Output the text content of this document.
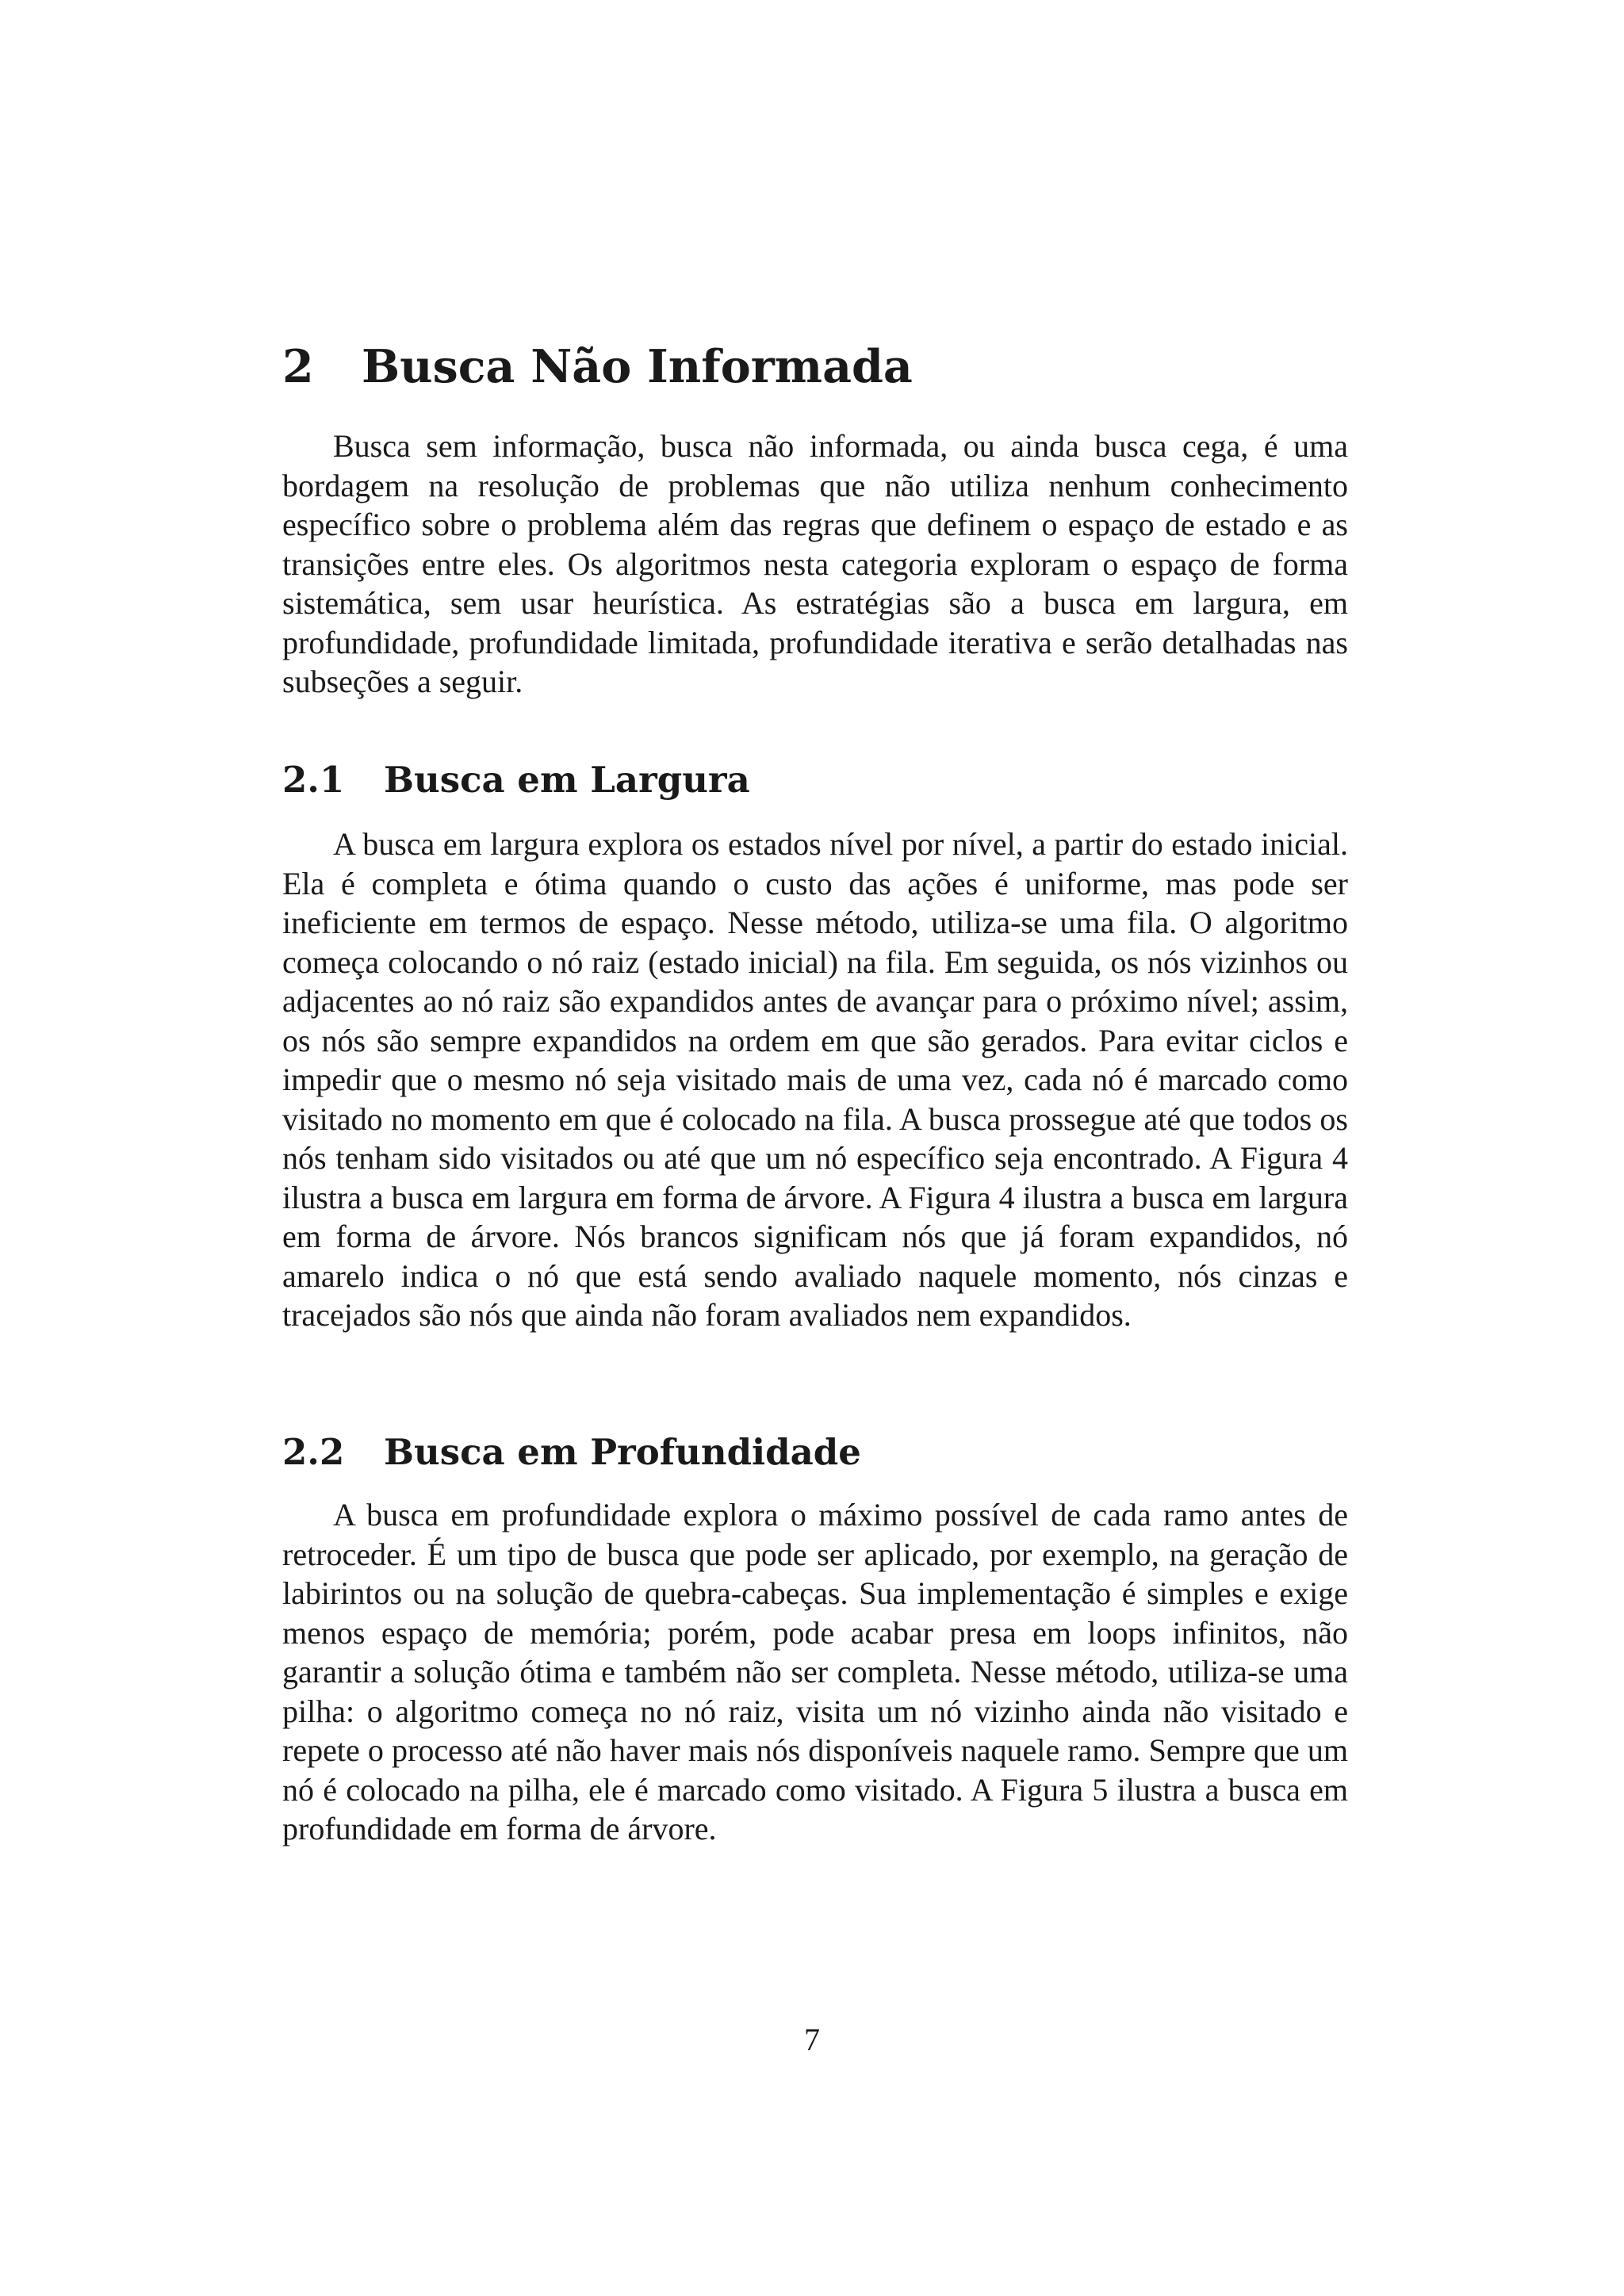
2 Busca Não Informada

Busca sem informação, busca não informada, ou ainda busca cega, é uma bordagem na resolução de problemas que não utiliza nenhum conhecimento específico sobre o problema além das regras que definem o espaço de estado e as transições entre eles. Os algoritmos nesta categoria exploram o espaço de forma sistemática, sem usar heurística. As estratégias são a busca em largura, em profundidade, profundidade limitada, profundidade iterativa e serão detalhadas nas subseções a seguir.

2.1 Busca em Largura

A busca em largura explora os estados nível por nível, a partir do estado inicial. Ela é completa e ótima quando o custo das ações é uniforme, mas pode ser ineficiente em termos de espaço. Nesse método, utiliza-se uma fila. O algoritmo começa colocando o nó raiz (estado inicial) na fila. Em seguida, os nós vizinhos ou adjacentes ao nó raiz são expandidos antes de avançar para o próximo nível; assim, os nós são sempre expandidos na ordem em que são gerados. Para evitar ciclos e impedir que o mesmo nó seja visitado mais de uma vez, cada nó é marcado como visitado no momento em que é colocado na fila. A busca prossegue até que todos os nós tenham sido visitados ou até que um nó específico seja encontrado. A Figura 4 ilustra a busca em largura em forma de árvore. A Figura 4 ilustra a busca em largura em forma de árvore. Nós brancos significam nós que já foram expandidos, nó amarelo indica o nó que está sendo avaliado naquele momento, nós cinzas e tracejados são nós que ainda não foram avaliados nem expandidos.

2.2 Busca em Profundidade

A busca em profundidade explora o máximo possível de cada ramo antes de retroceder. É um tipo de busca que pode ser aplicado, por exemplo, na geração de labirintos ou na solução de quebra-cabeças. Sua implementação é simples e exige menos espaço de memória; porém, pode acabar presa em loops infinitos, não garantir a solução ótima e também não ser completa. Nesse método, utiliza-se uma pilha: o algoritmo começa no nó raiz, visita um nó vizinho ainda não visitado e repete o processo até não haver mais nós disponíveis naquele ramo. Sempre que um nó é colocado na pilha, ele é marcado como visitado. A Figura 5 ilustra a busca em profundidade em forma de árvore.

7
